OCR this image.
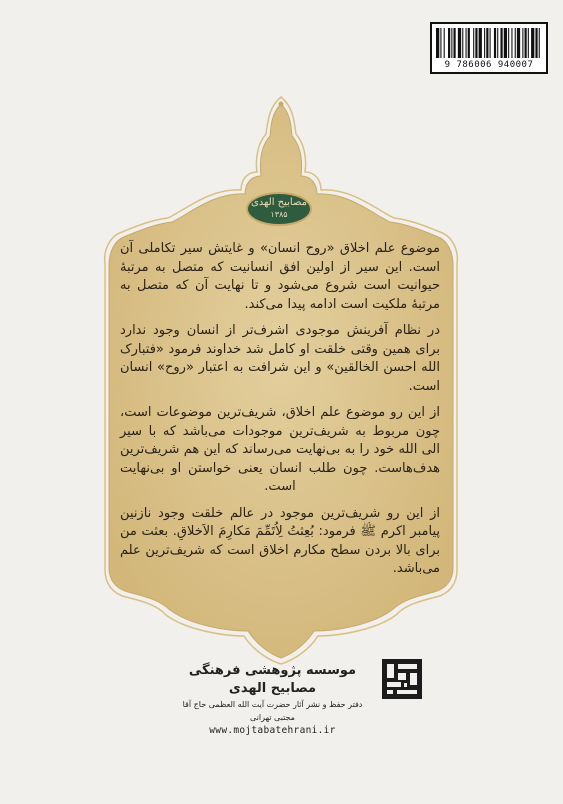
9 786006 940007
مصابیح الهدی
۱۳۸۵

موضوع علم اخلاق «روح انسان» و غایتش سیر تکاملی آن است. این سیر از اولین افق انسانیت که متصل به مرتبهٔ حیوانیت است شروع می‌شود و تا نهایت آن که متصل به مرتبهٔ ملکیت است ادامه پیدا می‌کند.

در نظام آفرینش موجودی اشرف‌تر از انسان وجود ندارد برای همین وقتی خلقت او کامل شد خداوند فرمود «فتبارک الله احسن الخالقین» و این شرافت به اعتبار «روح» انسان است.

از این رو موضوع علم اخلاق، شریف‌ترین موضوعات است، چون مربوط به شریف‌ترین موجودات می‌باشد که با سیر الی الله خود را به بی‌نهایت می‌رساند که این هم شریف‌ترین هدف‌هاست. چون طلب انسان یعنی خواستن او بی‌نهایت است.

از این رو شریف‌ترین موجود در عالم خلقت وجود نازنین پیامبر اکرم ﷺ فرمود: بُعِثتُ لِاُتَمِّمَ مَکارِمَ الاَخلاقِ. بعثت من برای بالا بردن سطح مکارم اخلاق است که شریف‌ترین علم می‌باشد.

موسسه پژوهشی فرهنگی مصابیح الهدی
دفتر حفظ و نشر آثار حضرت آیت الله العظمی حاج آقا مجتبی تهرانی
www.mojtabatehrani.ir
